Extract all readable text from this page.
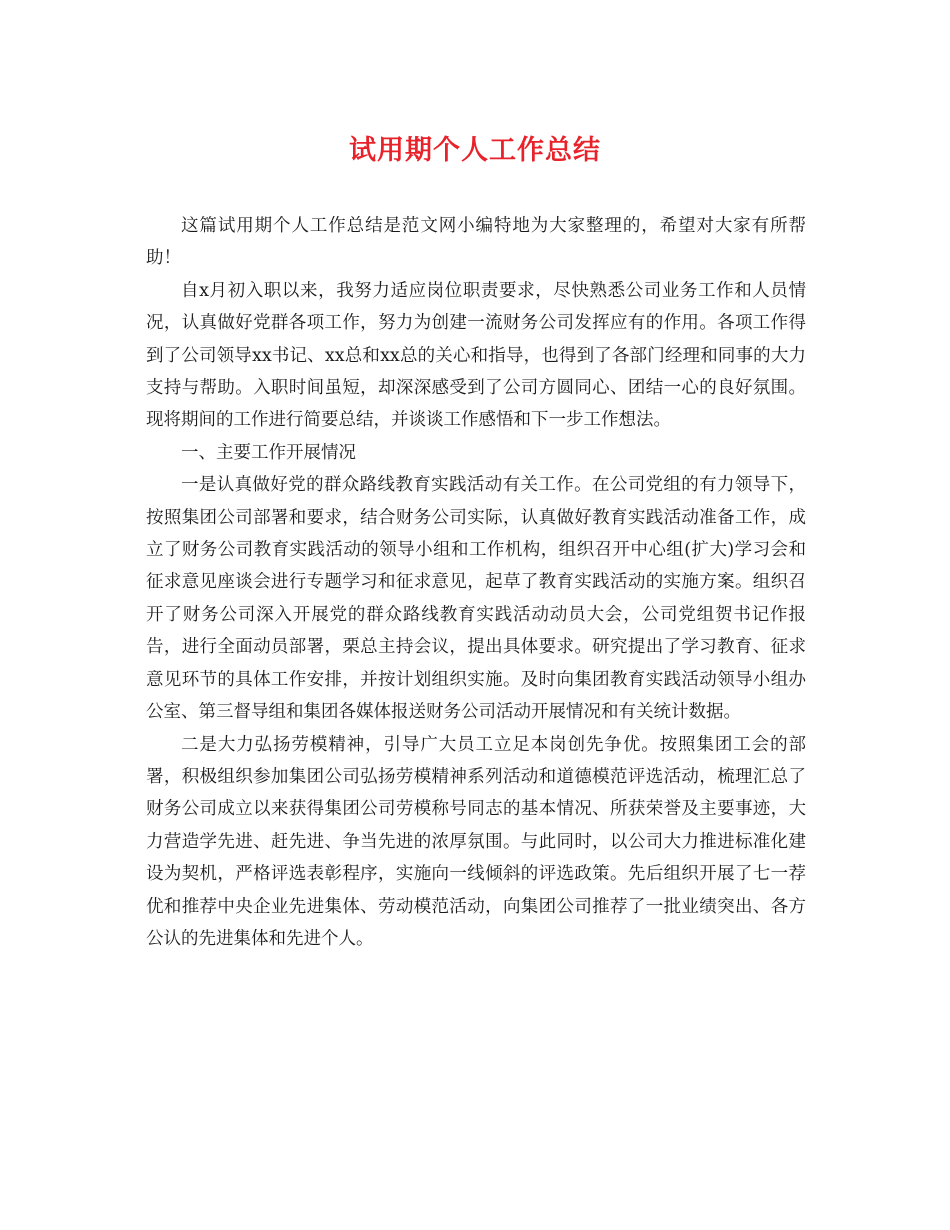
试用期个人工作总结

这篇试用期个人工作总结是范文网小编特地为大家整理的，希望对大家有所帮助！

自x月初入职以来，我努力适应岗位职责要求，尽快熟悉公司业务工作和人员情况，认真做好党群各项工作，努力为创建一流财务公司发挥应有的作用。各项工作得到了公司领导xx书记、xx总和xx总的关心和指导，也得到了各部门经理和同事的大力支持与帮助。入职时间虽短，却深深感受到了公司方圆同心、团结一心的良好氛围。现将期间的工作进行简要总结，并谈谈工作感悟和下一步工作想法。

一、主要工作开展情况

一是认真做好党的群众路线教育实践活动有关工作。在公司党组的有力领导下，按照集团公司部署和要求，结合财务公司实际，认真做好教育实践活动准备工作，成立了财务公司教育实践活动的领导小组和工作机构，组织召开中心组(扩大)学习会和征求意见座谈会进行专题学习和征求意见，起草了教育实践活动的实施方案。组织召开了财务公司深入开展党的群众路线教育实践活动动员大会，公司党组贺书记作报告，进行全面动员部署，栗总主持会议，提出具体要求。研究提出了学习教育、征求意见环节的具体工作安排，并按计划组织实施。及时向集团教育实践活动领导小组办公室、第三督导组和集团各媒体报送财务公司活动开展情况和有关统计数据。

二是大力弘扬劳模精神，引导广大员工立足本岗创先争优。按照集团工会的部署，积极组织参加集团公司弘扬劳模精神系列活动和道德模范评选活动，梳理汇总了财务公司成立以来获得集团公司劳模称号同志的基本情况、所获荣誉及主要事迹，大力营造学先进、赶先进、争当先进的浓厚氛围。与此同时，以公司大力推进标准化建设为契机，严格评选表彰程序，实施向一线倾斜的评选政策。先后组织开展了七一荐优和推荐中央企业先进集体、劳动模范活动，向集团公司推荐了一批业绩突出、各方公认的先进集体和先进个人。
